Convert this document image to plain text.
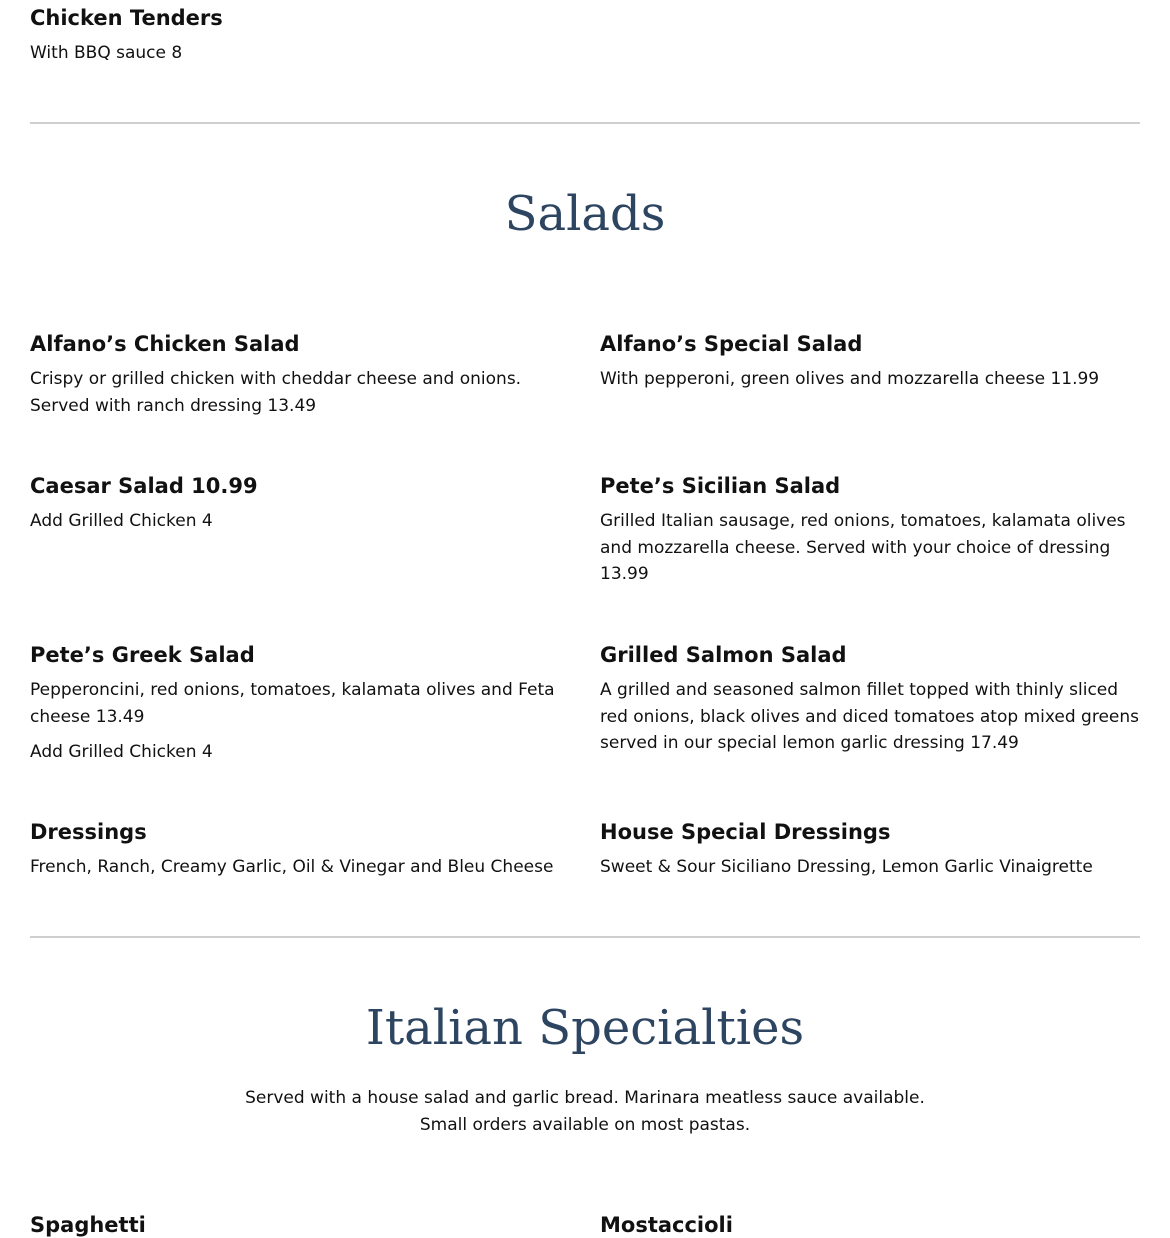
Chicken Tenders
With BBQ sauce 8
Salads
Alfano’s Chicken Salad
Crispy or grilled chicken with cheddar cheese and onions. Served with ranch dressing 13.49
Alfano’s Special Salad
With pepperoni, green olives and mozzarella cheese 11.99
Caesar Salad 10.99
Add Grilled Chicken 4
Pete’s Sicilian Salad
Grilled Italian sausage, red onions, tomatoes, kalamata olives and mozzarella cheese. Served with your choice of dressing 13.99
Pete’s Greek Salad
Pepperoncini, red onions, tomatoes, kalamata olives and Feta cheese 13.49
Add Grilled Chicken 4
Grilled Salmon Salad
A grilled and seasoned salmon fillet topped with thinly sliced red onions, black olives and diced tomatoes atop mixed greens served in our special lemon garlic dressing 17.49
Dressings
French, Ranch, Creamy Garlic, Oil & Vinegar and Bleu Cheese
House Special Dressings
Sweet & Sour Siciliano Dressing, Lemon Garlic Vinaigrette
Italian Specialties
Served with a house salad and garlic bread. Marinara meatless sauce available.
Small orders available on most pastas.
Spaghetti	Mostaccioli
